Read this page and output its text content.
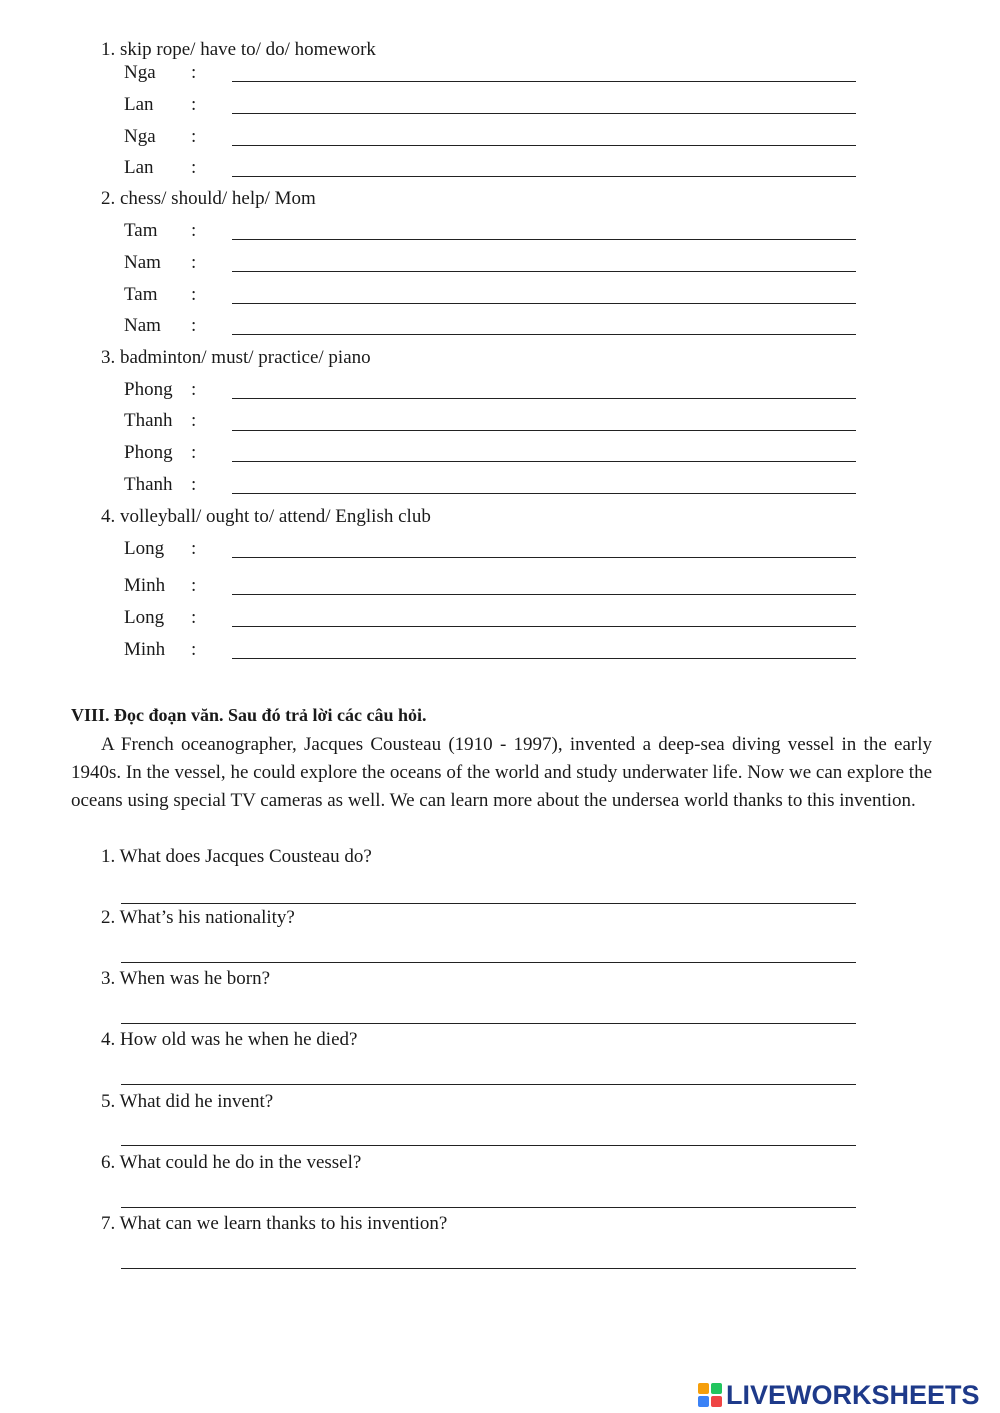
1. skip rope/ have to/ do/ homework
Nga :
Lan :
Nga :
Lan :
2. chess/ should/ help/ Mom
Tam :
Nam :
Tam :
Nam :
3. badminton/ must/ practice/ piano
Phong :
Thanh :
Phong :
Thanh :
4. volleyball/ ought to/ attend/ English club
Long :
Minh :
Long :
Minh :
VIII. Đọc đoạn văn. Sau đó trả lời các câu hỏi.
A French oceanographer, Jacques Cousteau (1910 - 1997), invented a deep-sea diving vessel in the early 1940s. In the vessel, he could explore the oceans of the world and study underwater life. Now we can explore the oceans using special TV cameras as well. We can learn more about the undersea world thanks to this invention.
1. What does Jacques Cousteau do?
2. What’s his nationality?
3. When was he born?
4. How old was he when he died?
5. What did he invent?
6. What could he do in the vessel?
7. What can we learn thanks to his invention?
LIVEWORKSHEETS
